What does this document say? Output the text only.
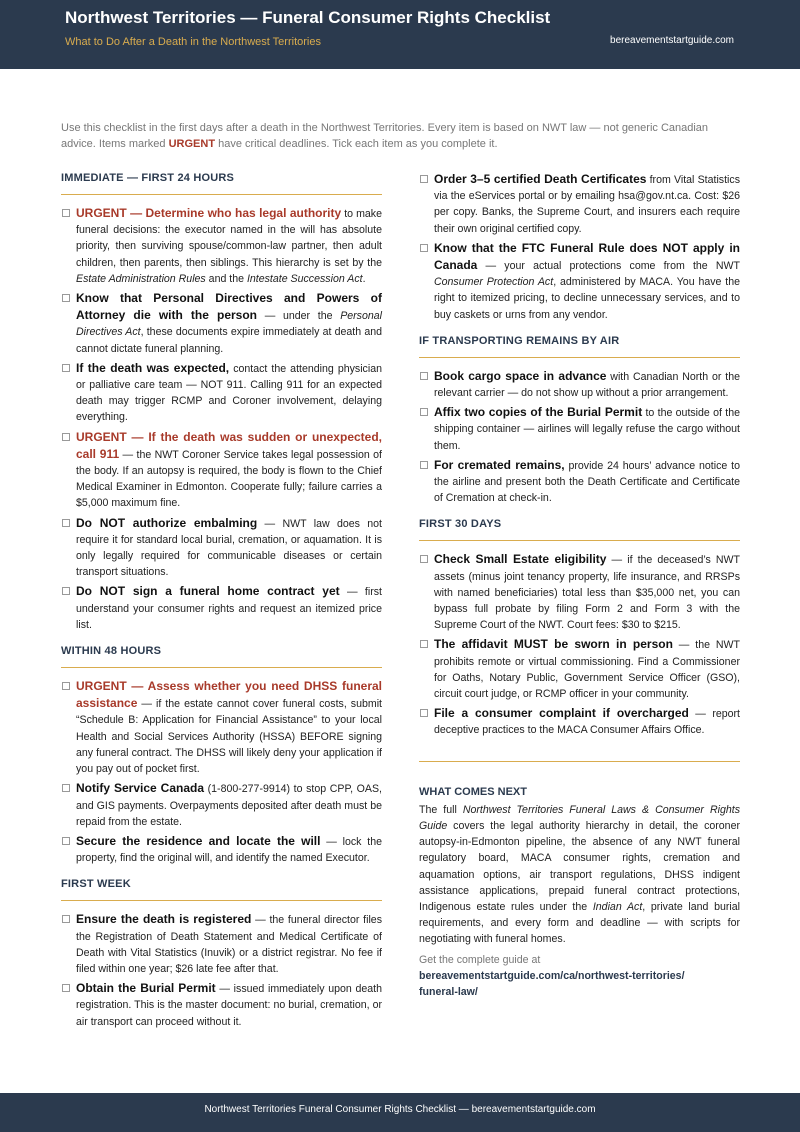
Northwest Territories — Funeral Consumer Rights Checklist
What to Do After a Death in the Northwest Territories	bereavementstartguide.com
Use this checklist in the first days after a death in the Northwest Territories. Every item is based on NWT law — not generic Canadian advice. Items marked URGENT have critical deadlines. Tick each item as you complete it.
IMMEDIATE — FIRST 24 HOURS
URGENT — Determine who has legal authority to make funeral decisions: the executor named in the will has absolute priority, then surviving spouse/common-law partner, then adult children, then parents, then siblings. This hierarchy is set by the Estate Administration Rules and the Intestate Succession Act.
Know that Personal Directives and Powers of Attorney die with the person — under the Personal Directives Act, these documents expire immediately at death and cannot dictate funeral planning.
If the death was expected, contact the attending physician or palliative care team — NOT 911. Calling 911 for an expected death may trigger RCMP and Coroner involvement, delaying everything.
URGENT — If the death was sudden or unexpected, call 911 — the NWT Coroner Service takes legal possession of the body. If an autopsy is required, the body is flown to the Chief Medical Examiner in Edmonton. Cooperate fully; failure carries a $5,000 maximum fine.
Do NOT authorize embalming — NWT law does not require it for standard local burial, cremation, or aquamation. It is only legally required for communicable diseases or certain transport situations.
Do NOT sign a funeral home contract yet — first understand your consumer rights and request an itemized price list.
WITHIN 48 HOURS
URGENT — Assess whether you need DHSS funeral assistance — if the estate cannot cover funeral costs, submit “Schedule B: Application for Financial Assistance” to your local Health and Social Services Authority (HSSA) BEFORE signing any funeral contract. The DHSS will likely deny your application if you pay out of pocket first.
Notify Service Canada (1-800-277-9914) to stop CPP, OAS, and GIS payments. Overpayments deposited after death must be repaid from the estate.
Secure the residence and locate the will — lock the property, find the original will, and identify the named Executor.
FIRST WEEK
Ensure the death is registered — the funeral director files the Registration of Death Statement and Medical Certificate of Death with Vital Statistics (Inuvik) or a district registrar. No fee if filed within one year; $26 late fee after that.
Obtain the Burial Permit — issued immediately upon death registration. This is the master document: no burial, cremation, or air transport can proceed without it.
Order 3–5 certified Death Certificates from Vital Statistics via the eServices portal or by emailing hsa@gov.nt.ca. Cost: $26 per copy. Banks, the Supreme Court, and insurers each require their own original certified copy.
Know that the FTC Funeral Rule does NOT apply in Canada — your actual protections come from the NWT Consumer Protection Act, administered by MACA. You have the right to itemized pricing, to decline unnecessary services, and to buy caskets or urns from any vendor.
IF TRANSPORTING REMAINS BY AIR
Book cargo space in advance with Canadian North or the relevant carrier — do not show up without a prior arrangement.
Affix two copies of the Burial Permit to the outside of the shipping container — airlines will legally refuse the cargo without them.
For cremated remains, provide 24 hours’ advance notice to the airline and present both the Death Certificate and Certificate of Cremation at check-in.
FIRST 30 DAYS
Check Small Estate eligibility — if the deceased’s NWT assets (minus joint tenancy property, life insurance, and RRSPs with named beneficiaries) total less than $35,000 net, you can bypass full probate by filing Form 2 and Form 3 with the Supreme Court of the NWT. Court fees: $30 to $215.
The affidavit MUST be sworn in person — the NWT prohibits remote or virtual commissioning. Find a Commissioner for Oaths, Notary Public, Government Service Officer (GSO), circuit court judge, or RCMP officer in your community.
File a consumer complaint if overcharged — report deceptive practices to the MACA Consumer Affairs Office.
WHAT COMES NEXT
The full Northwest Territories Funeral Laws & Consumer Rights Guide covers the legal authority hierarchy in detail, the coroner autopsy-in-Edmonton pipeline, the absence of any NWT funeral regulatory board, MACA consumer rights, cremation and aquamation options, air transport regulations, DHSS indigent assistance applications, prepaid funeral contract protections, Indigenous estate rules under the Indian Act, private land burial requirements, and every form and deadline — with scripts for negotiating with funeral homes.
Get the complete guide at
bereavementstartguide.com/ca/northwest-territories/
funeral-law/
Northwest Territories Funeral Consumer Rights Checklist — bereavementstartguide.com
